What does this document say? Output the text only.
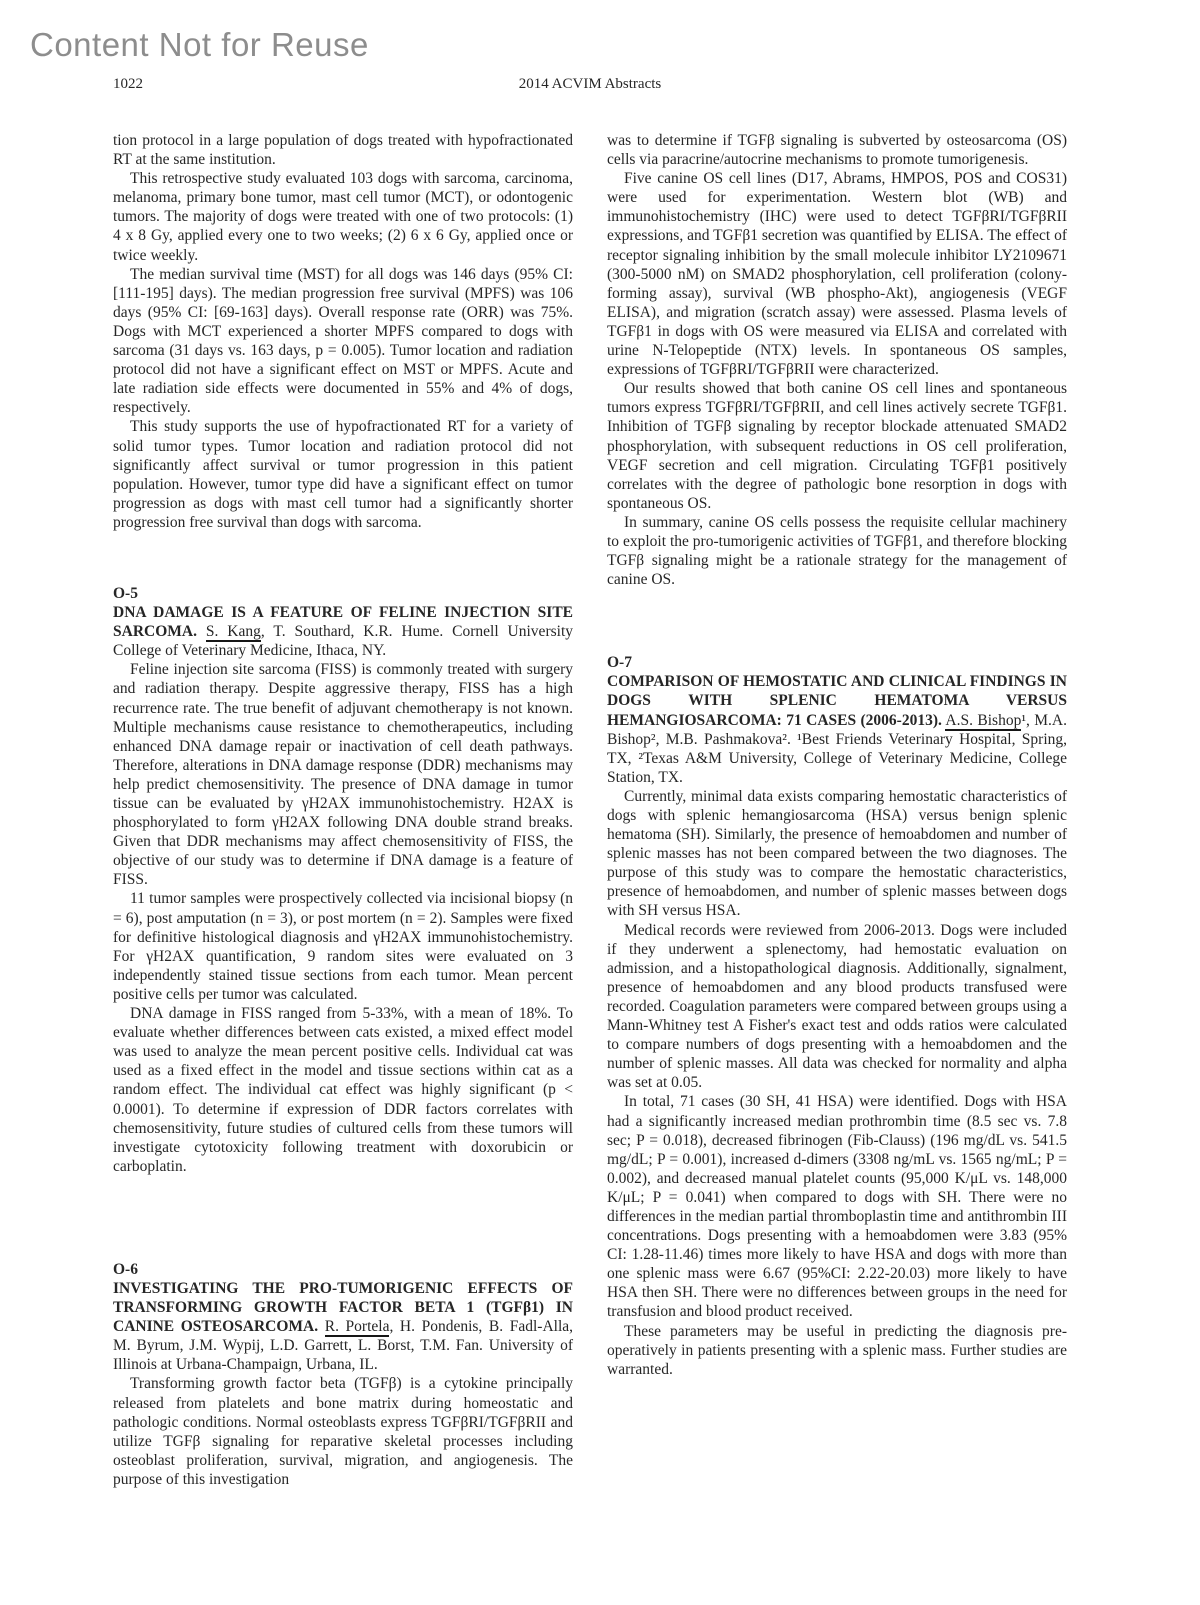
Content Not for Reuse
1022	2014 ACVIM Abstracts

tion protocol in a large population of dogs treated with hypofractionated RT at the same institution.

This retrospective study evaluated 103 dogs with sarcoma, carcinoma, melanoma, primary bone tumor, mast cell tumor (MCT), or odontogenic tumors. The majority of dogs were treated with one of two protocols: (1) 4 x 8 Gy, applied every one to two weeks; (2) 6 x 6 Gy, applied once or twice weekly.

The median survival time (MST) for all dogs was 146 days (95% CI: [111-195] days). The median progression free survival (MPFS) was 106 days (95% CI: [69-163] days). Overall response rate (ORR) was 75%. Dogs with MCT experienced a shorter MPFS compared to dogs with sarcoma (31 days vs. 163 days, p = 0.005). Tumor location and radiation protocol did not have a significant effect on MST or MPFS. Acute and late radiation side effects were documented in 55% and 4% of dogs, respectively.

This study supports the use of hypofractionated RT for a variety of solid tumor types. Tumor location and radiation protocol did not significantly affect survival or tumor progression in this patient population. However, tumor type did have a significant effect on tumor progression as dogs with mast cell tumor had a significantly shorter progression free survival than dogs with sarcoma.

O-5
DNA DAMAGE IS A FEATURE OF FELINE INJECTION SITE SARCOMA. S. Kang, T. Southard, K.R. Hume. Cornell University College of Veterinary Medicine, Ithaca, NY.

Feline injection site sarcoma (FISS) is commonly treated with surgery and radiation therapy. Despite aggressive therapy, FISS has a high recurrence rate. The true benefit of adjuvant chemotherapy is not known. Multiple mechanisms cause resistance to chemotherapeutics, including enhanced DNA damage repair or inactivation of cell death pathways. Therefore, alterations in DNA damage response (DDR) mechanisms may help predict chemosensitivity. The presence of DNA damage in tumor tissue can be evaluated by γH2AX immunohistochemistry. H2AX is phosphorylated to form γH2AX following DNA double strand breaks. Given that DDR mechanisms may affect chemosensitivity of FISS, the objective of our study was to determine if DNA damage is a feature of FISS.

11 tumor samples were prospectively collected via incisional biopsy (n = 6), post amputation (n = 3), or post mortem (n = 2). Samples were fixed for definitive histological diagnosis and γH2AX immunohistochemistry. For γH2AX quantification, 9 random sites were evaluated on 3 independently stained tissue sections from each tumor. Mean percent positive cells per tumor was calculated.

DNA damage in FISS ranged from 5-33%, with a mean of 18%. To evaluate whether differences between cats existed, a mixed effect model was used to analyze the mean percent positive cells. Individual cat was used as a fixed effect in the model and tissue sections within cat as a random effect. The individual cat effect was highly significant (p < 0.0001). To determine if expression of DDR factors correlates with chemosensitivity, future studies of cultured cells from these tumors will investigate cytotoxicity following treatment with doxorubicin or carboplatin.

O-6
INVESTIGATING THE PRO-TUMORIGENIC EFFECTS OF TRANSFORMING GROWTH FACTOR BETA 1 (TGFβ1) IN CANINE OSTEOSARCOMA. R. Portela, H. Pondenis, B. Fadl-Alla, M. Byrum, J.M. Wypij, L.D. Garrett, L. Borst, T.M. Fan. University of Illinois at Urbana-Champaign, Urbana, IL.

Transforming growth factor beta (TGFβ) is a cytokine principally released from platelets and bone matrix during homeostatic and pathologic conditions. Normal osteoblasts express TGFβRI/TGFβRII and utilize TGFβ signaling for reparative skeletal processes including osteoblast proliferation, survival, migration, and angiogenesis. The purpose of this investigation

was to determine if TGFβ signaling is subverted by osteosarcoma (OS) cells via paracrine/autocrine mechanisms to promote tumorigenesis.

Five canine OS cell lines (D17, Abrams, HMPOS, POS and COS31) were used for experimentation. Western blot (WB) and immunohistochemistry (IHC) were used to detect TGFβRI/TGFβRII expressions, and TGFβ1 secretion was quantified by ELISA. The effect of receptor signaling inhibition by the small molecule inhibitor LY2109671 (300-5000 nM) on SMAD2 phosphorylation, cell proliferation (colony-forming assay), survival (WB phospho-Akt), angiogenesis (VEGF ELISA), and migration (scratch assay) were assessed. Plasma levels of TGFβ1 in dogs with OS were measured via ELISA and correlated with urine N-Telopeptide (NTX) levels. In spontaneous OS samples, expressions of TGFβRI/TGFβRII were characterized.

Our results showed that both canine OS cell lines and spontaneous tumors express TGFβRI/TGFβRII, and cell lines actively secrete TGFβ1. Inhibition of TGFβ signaling by receptor blockade attenuated SMAD2 phosphorylation, with subsequent reductions in OS cell proliferation, VEGF secretion and cell migration. Circulating TGFβ1 positively correlates with the degree of pathologic bone resorption in dogs with spontaneous OS.

In summary, canine OS cells possess the requisite cellular machinery to exploit the pro-tumorigenic activities of TGFβ1, and therefore blocking TGFβ signaling might be a rationale strategy for the management of canine OS.

O-7
COMPARISON OF HEMOSTATIC AND CLINICAL FINDINGS IN DOGS WITH SPLENIC HEMATOMA VERSUS HEMANGIOSARCOMA: 71 CASES (2006-2013). A.S. Bishop¹, M.A. Bishop², M.B. Pashmakova². ¹Best Friends Veterinary Hospital, Spring, TX, ²Texas A&M University, College of Veterinary Medicine, College Station, TX.

Currently, minimal data exists comparing hemostatic characteristics of dogs with splenic hemangiosarcoma (HSA) versus benign splenic hematoma (SH). Similarly, the presence of hemoabdomen and number of splenic masses has not been compared between the two diagnoses. The purpose of this study was to compare the hemostatic characteristics, presence of hemoabdomen, and number of splenic masses between dogs with SH versus HSA.

Medical records were reviewed from 2006-2013. Dogs were included if they underwent a splenectomy, had hemostatic evaluation on admission, and a histopathological diagnosis. Additionally, signalment, presence of hemoabdomen and any blood products transfused were recorded. Coagulation parameters were compared between groups using a Mann-Whitney test A Fisher's exact test and odds ratios were calculated to compare numbers of dogs presenting with a hemoabdomen and the number of splenic masses. All data was checked for normality and alpha was set at 0.05.

In total, 71 cases (30 SH, 41 HSA) were identified. Dogs with HSA had a significantly increased median prothrombin time (8.5 sec vs. 7.8 sec; P = 0.018), decreased fibrinogen (Fib-Clauss) (196 mg/dL vs. 541.5 mg/dL; P = 0.001), increased d-dimers (3308 ng/mL vs. 1565 ng/mL; P = 0.002), and decreased manual platelet counts (95,000 K/μL vs. 148,000 K/μL; P = 0.041) when compared to dogs with SH. There were no differences in the median partial thromboplastin time and antithrombin III concentrations. Dogs presenting with a hemoabdomen were 3.83 (95% CI: 1.28-11.46) times more likely to have HSA and dogs with more than one splenic mass were 6.67 (95%CI: 2.22-20.03) more likely to have HSA then SH. There were no differences between groups in the need for transfusion and blood product received.

These parameters may be useful in predicting the diagnosis pre-operatively in patients presenting with a splenic mass. Further studies are warranted.
